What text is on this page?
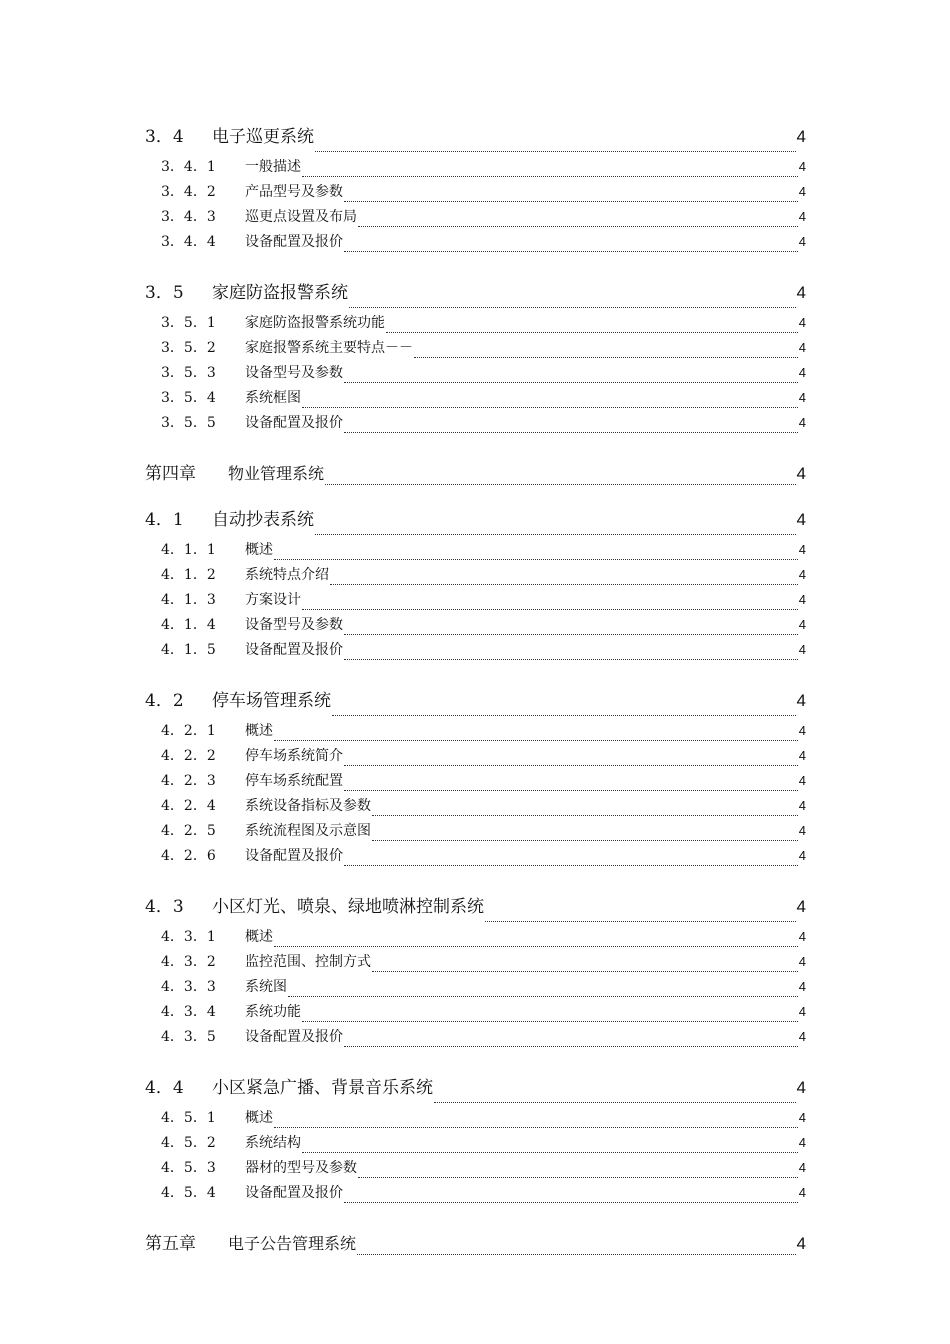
3．4	电子巡更系统	4
3．4．1	一般描述	4
3．4．2	产品型号及参数	4
3．4．3	巡更点设置及布局	4
3．4．4	设备配置及报价	4
3．5	家庭防盗报警系统	4
3．5．1	家庭防盗报警系统功能	4
3．5．2	家庭报警系统主要特点－－	4
3．5．3	设备型号及参数	4
3．5．4	系统框图	4
3．5．5	设备配置及报价	4
第四章	物业管理系统	4
4．1	自动抄表系统	4
4．1．1	概述	4
4．1．2	系统特点介绍	4
4．1．3	方案设计	4
4．1．4	设备型号及参数	4
4．1．5	设备配置及报价	4
4．2	停车场管理系统	4
4．2．1	概述	4
4．2．2	停车场系统简介	4
4．2．3	停车场系统配置	4
4．2．4	系统设备指标及参数	4
4．2．5	系统流程图及示意图	4
4．2．6	设备配置及报价	4
4．3	小区灯光、喷泉、绿地喷淋控制系统	4
4．3．1	概述	4
4．3．2	监控范围、控制方式	4
4．3．3	系统图	4
4．3．4	系统功能	4
4．3．5	设备配置及报价	4
4．4	小区紧急广播、背景音乐系统	4
4．5．1	概述	4
4．5．2	系统结构	4
4．5．3	器材的型号及参数	4
4．5．4	设备配置及报价	4
第五章	电子公告管理系统	4
